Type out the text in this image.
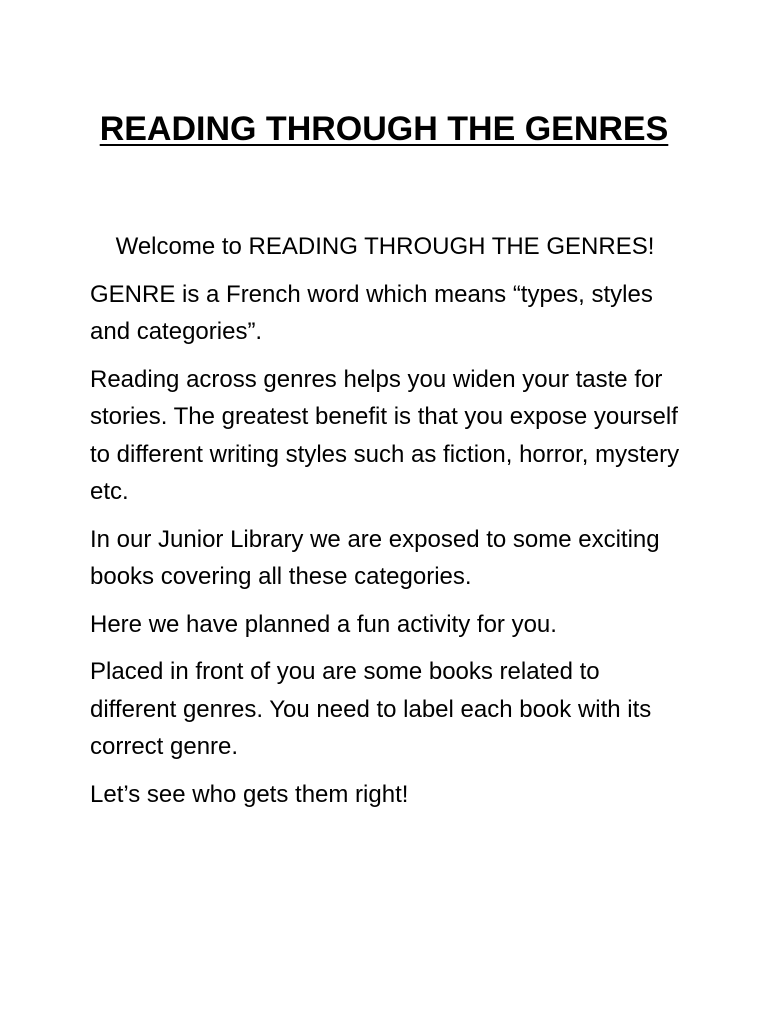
READING THROUGH THE GENRES

Welcome to READING THROUGH THE GENRES!

GENRE is a French word which means “types, styles and categories”.

Reading across genres helps you widen your taste for stories. The greatest benefit is that you expose yourself to different writing styles such as fiction, horror, mystery etc.

In our Junior Library we are exposed to some exciting books covering all these categories.

Here we have planned a fun activity for you.

Placed in front of you are some books related to different genres. You need to label each book with its correct genre.

Let’s see who gets them right!
